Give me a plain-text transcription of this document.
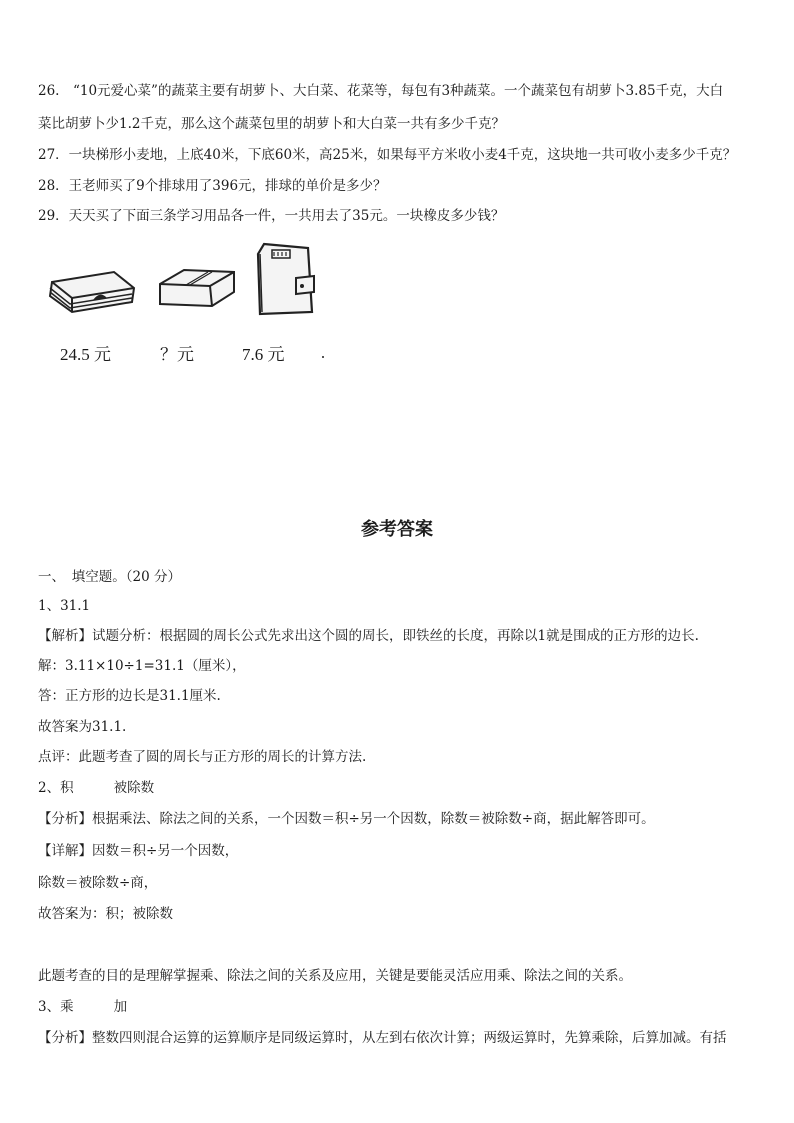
26.　“10元爱心菜”的蔬菜主要有胡萝卜、大白菜、花菜等，每包有3种蔬菜。一个蔬菜包有胡萝卜3.85千克，大白
菜比胡萝卜少1.2千克，那么这个蔬菜包里的胡萝卜和大白菜一共有多少千克？
27．一块梯形小麦地，上底40米，下底60米，高25米，如果每平方米收小麦4千克，这块地一共可收小麦多少千克？
28．王老师买了9个排球用了396元，排球的单价是多少？
29．天天买了下面三条学习用品各一件，一共用去了35元。一块橡皮多少钱？
24.5 元	？元	7.6 元
参考答案
一、　填空题。（20 分）
1、31.1
【解析】试题分析：根据圆的周长公式先求出这个圆的周长，即铁丝的长度，再除以1就是围成的正方形的边长.
解：3.11×10÷1=31.1（厘米），
答：正方形的边长是31.1厘米.
故答案为31.1.
点评：此题考查了圆的周长与正方形的周长的计算方法.
2、积	被除数
【分析】根据乘法、除法之间的关系，一个因数＝积÷另一个因数，除数＝被除数÷商，据此解答即可。
【详解】因数＝积÷另一个因数，
除数＝被除数÷商，
故答案为：积；被除数
此题考查的目的是理解掌握乘、除法之间的关系及应用，关键是要能灵活应用乘、除法之间的关系。
3、乘	加
【分析】整数四则混合运算的运算顺序是同级运算时，从左到右依次计算；两级运算时，先算乘除，后算加减。有括
